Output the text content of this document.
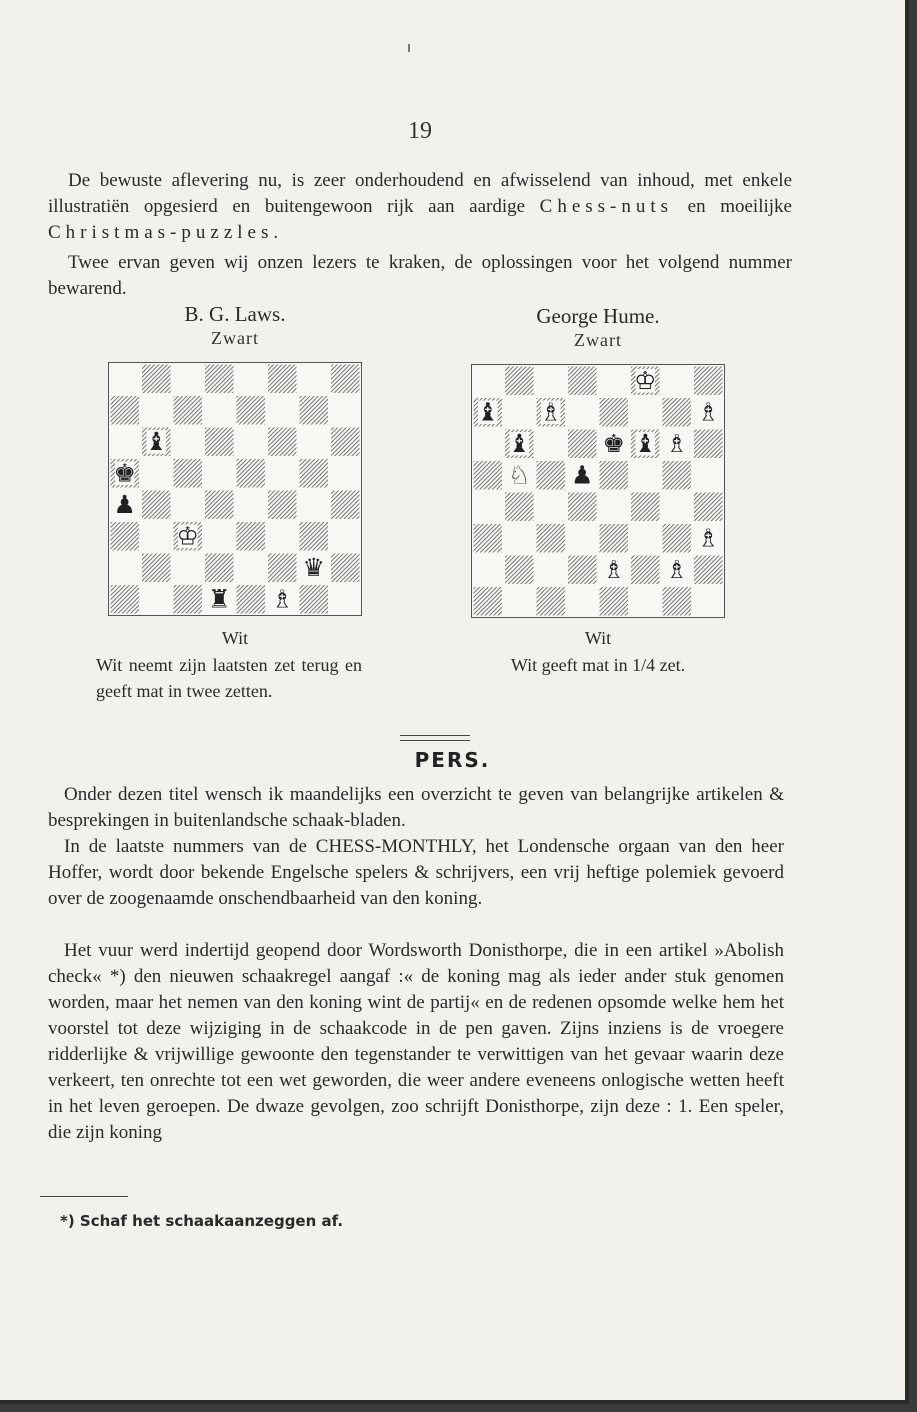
19

De bewuste aflevering nu, is zeer onderhoudend en afwisselend van inhoud, met enkele illustratiën opgesierd en buitengewoon rijk aan aardige Chess-nuts en moeilijke Christmas-puzzles.

Twee ervan geven wij onzen lezers te kraken, de oplossingen voor het volgend nummer bewarend.

B. G. Laws.
Zwart
♝
♚
♟
♔
♛
♜ ♗
Wit
Wit neemt zijn laatsten zet terug en geeft mat in twee zetten.
George Hume.
Zwart
♔
♝ ♗	♗
♝	♚ ♝ ♗
♘ ♟
♗
♗ ♗
Wit
Wit geeft mat in 1/4 zet.
PERS.

Onder dezen titel wensch ik maandelijks een overzicht te geven van belangrijke artikelen & besprekingen in buitenlandsche schaak-bladen.

In de laatste nummers van de CHESS-MONTHLY, het Londensche orgaan van den heer Hoffer, wordt door bekende Engelsche spelers & schrijvers, een vrij heftige polemiek gevoerd over de zoogenaamde onschendbaarheid van den koning.

Het vuur werd indertijd geopend door Wordsworth Donisthorpe, die in een artikel »Abolish check« *) den nieuwen schaakregel aangaf :« de koning mag als ieder ander stuk genomen worden, maar het nemen van den koning wint de partij« en de redenen opsomde welke hem het voorstel tot deze wijziging in de schaakcode in de pen gaven. Zijns inziens is de vroegere ridderlijke & vrijwillige gewoonte den tegenstander te verwittigen van het gevaar waarin deze verkeert, ten onrechte tot een wet geworden, die weer andere eveneens onlogische wetten heeft in het leven geroepen. De dwaze gevolgen, zoo schrijft Donisthorpe, zijn deze : 1. Een speler, die zijn koning

*) Schaf het schaakaanzeggen af.
